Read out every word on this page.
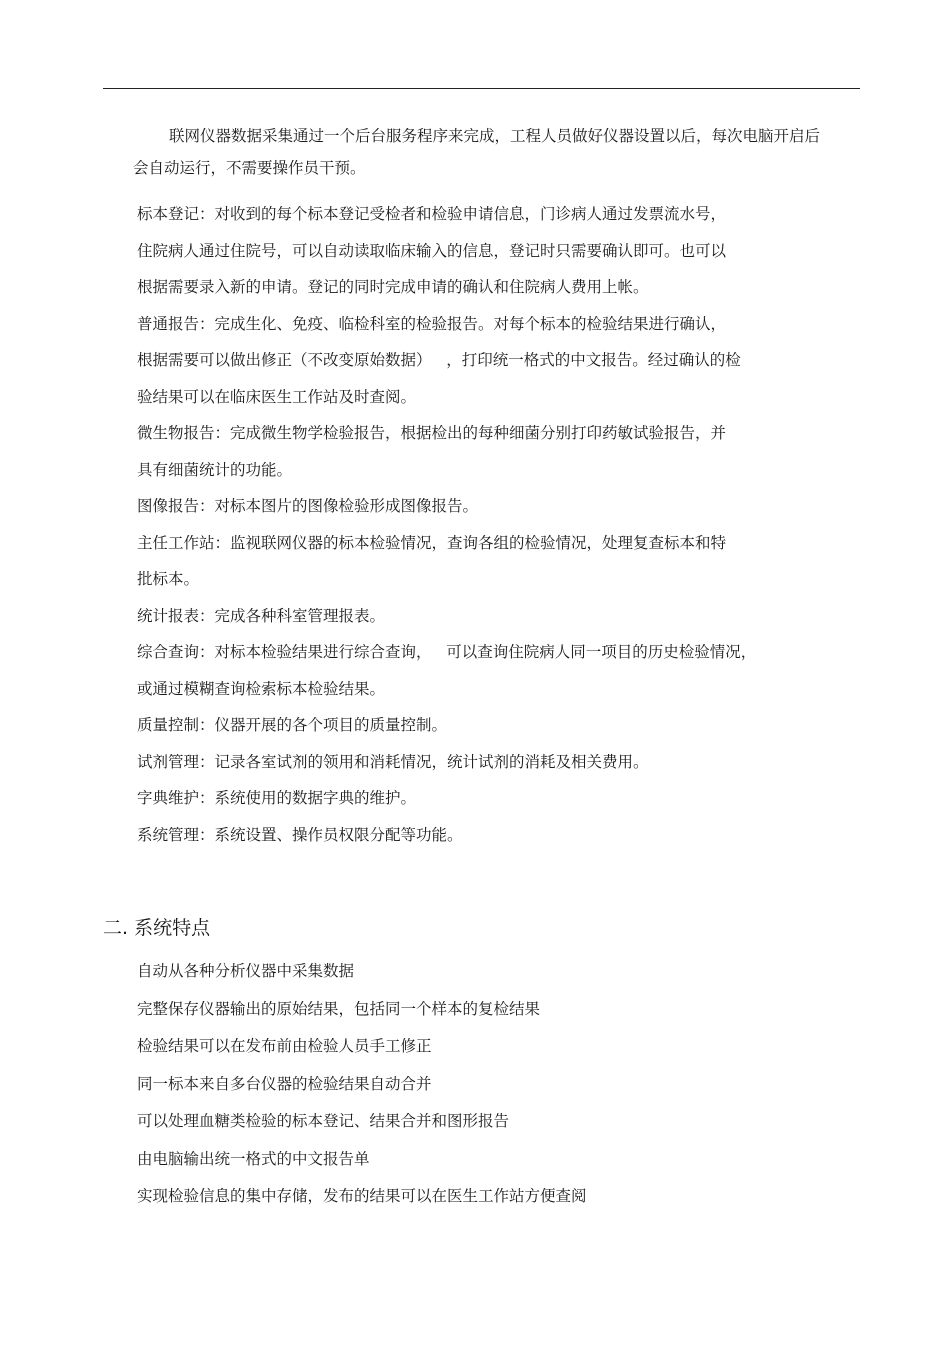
联网仪器数据采集通过一个后台服务程序来完成，工程人员做好仪器设置以后，每次电脑开启后会自动运行，不需要操作员干预。
标本登记：对收到的每个标本登记受检者和检验申请信息，门诊病人通过发票流水号，
住院病人通过住院号，可以自动读取临床输入的信息，登记时只需要确认即可。也可以
根据需要录入新的申请。登记的同时完成申请的确认和住院病人费用上帐。
普通报告：完成生化、免疫、临检科室的检验报告。对每个标本的检验结果进行确认，
根据需要可以做出修正（不改变原始数据）   ，打印统一格式的中文报告。经过确认的检
验结果可以在临床医生工作站及时查阅。
微生物报告：完成微生物学检验报告，根据检出的每种细菌分别打印药敏试验报告，并
具有细菌统计的功能。
图像报告：对标本图片的图像检验形成图像报告。
主任工作站：监视联网仪器的标本检验情况，查询各组的检验情况，处理复查标本和特
批标本。
统计报表：完成各种科室管理报表。
综合查询：对标本检验结果进行综合查询，   可以查询住院病人同一项目的历史检验情况，
或通过模糊查询检索标本检验结果。
质量控制：仪器开展的各个项目的质量控制。
试剂管理：记录各室试剂的领用和消耗情况，统计试剂的消耗及相关费用。
字典维护：系统使用的数据字典的维护。
系统管理：系统设置、操作员权限分配等功能。
二. 系统特点
自动从各种分析仪器中采集数据
完整保存仪器输出的原始结果，包括同一个样本的复检结果
检验结果可以在发布前由检验人员手工修正
同一标本来自多台仪器的检验结果自动合并
可以处理血糖类检验的标本登记、结果合并和图形报告
由电脑输出统一格式的中文报告单
实现检验信息的集中存储，发布的结果可以在医生工作站方便查阅
